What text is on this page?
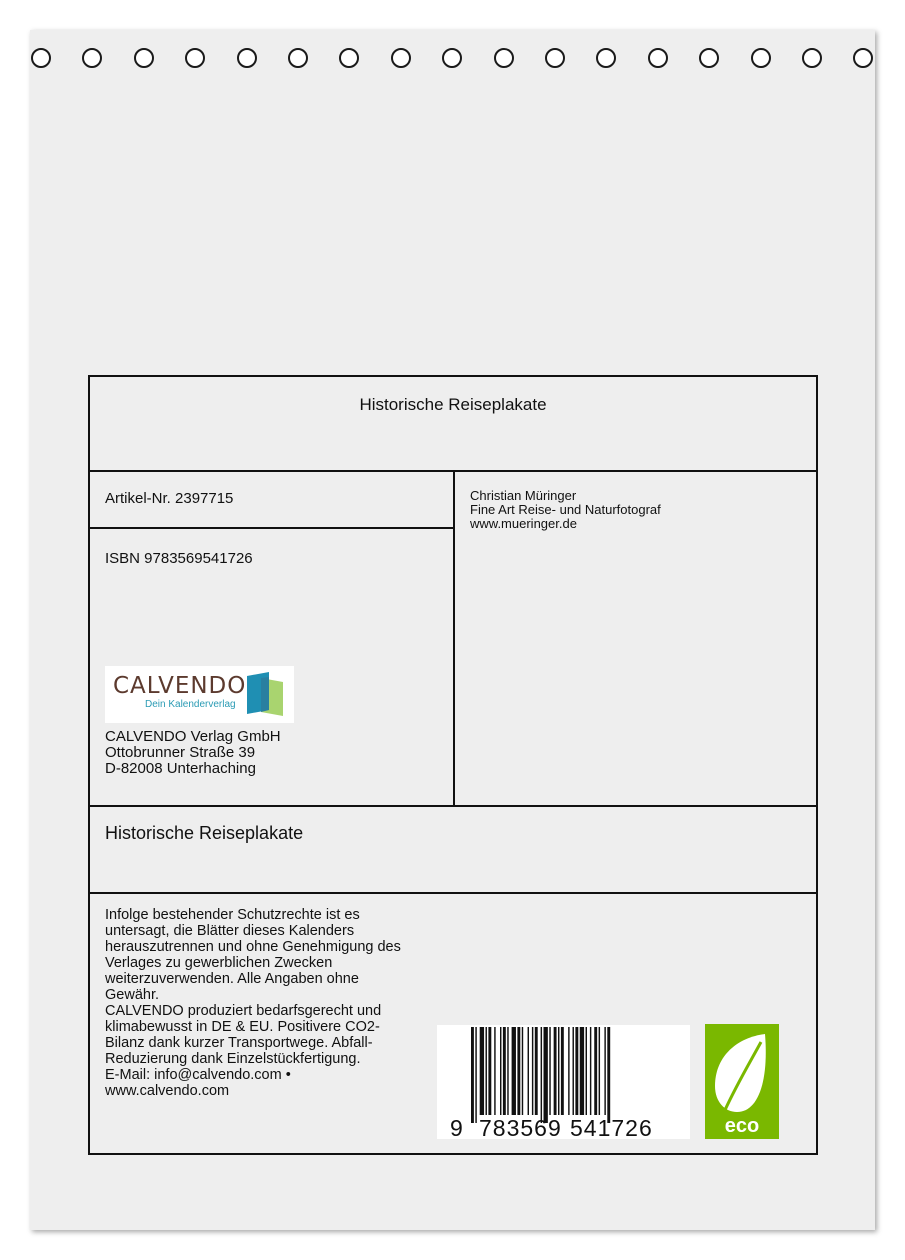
Historische Reiseplakate
Artikel-Nr. 2397715	Christian Müringer
Fine Art Reise- und Naturfotograf
www.mueringer.de
ISBN 9783569541726
CALVENDO
Dein Kalenderverlag
CALVENDO Verlag GmbH
Ottobrunner Straße 39
D-82008 Unterhaching
Historische Reiseplakate
Infolge bestehender Schutzrechte ist es
untersagt, die Blätter dieses Kalenders
herauszutrennen und ohne Genehmigung des
Verlages zu gewerblichen Zwecken
weiterzuverwenden. Alle Angaben ohne
Gewähr.
CALVENDO produziert bedarfsgerecht und
klimabewusst in DE & EU. Positivere CO2-
Bilanz dank kurzer Transportwege. Abfall-
Reduzierung dank Einzelstückfertigung.
E-Mail: info@calvendo.com •
www.calvendo.com
9 783569 541726	eco
